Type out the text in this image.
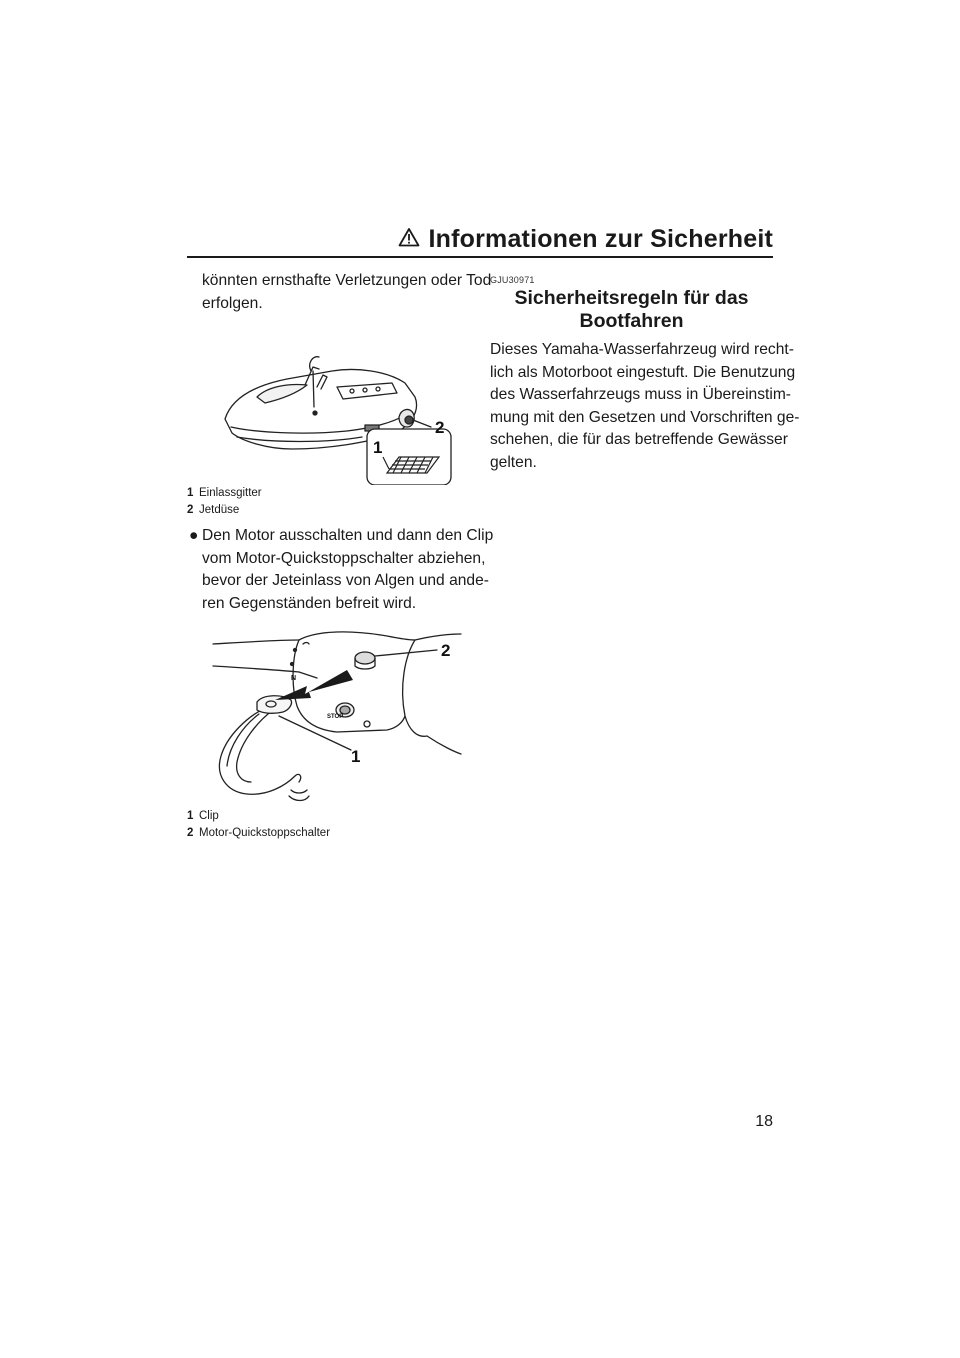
Informationen zur Sicherheit

könnten ernsthafte Verletzungen oder Tod

erfolgen.

2
1

1 Einlassgitter

2 Jetdüse

● Den Motor ausschalten und dann den Clip

vom Motor-Quickstoppschalter abziehen,

bevor der Jeteinlass von Algen und ande-

ren Gegenständen befreit wird.

STOP
N
2
1

1 Clip

2 Motor-Quickstoppschalter

GJU30971

Sicherheitsregeln für das
Bootfahren

Dieses Yamaha-Wasserfahrzeug wird recht-

lich als Motorboot eingestuft. Die Benutzung

des Wasserfahrzeugs muss in Übereinstim-

mung mit den Gesetzen und Vorschriften ge-

schehen, die für das betreffende Gewässer

gelten.

18
